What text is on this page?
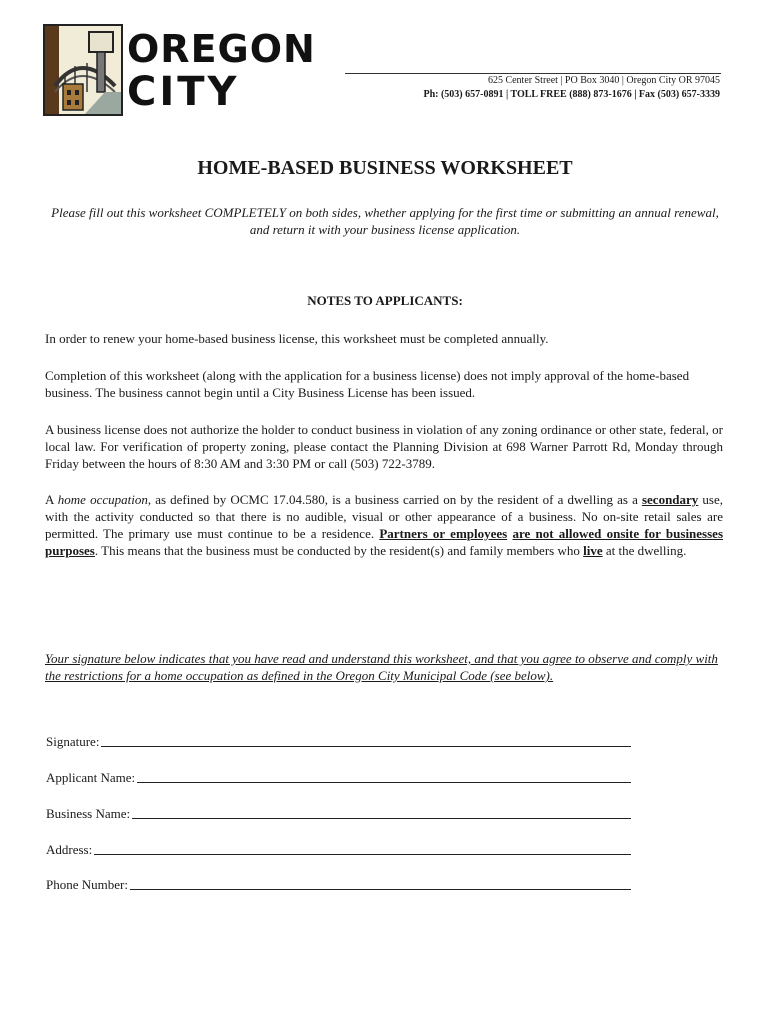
OREGON
CITY	625 Center Street | PO Box 3040 | Oregon City OR 97045
Ph: (503) 657-0891 | TOLL FREE (888) 873-1676 | Fax (503) 657-3339
HOME-BASED BUSINESS WORKSHEET
Please fill out this worksheet COMPLETELY on both sides, whether applying for the first time or submitting an annual renewal, and return it with your business license application.
NOTES TO APPLICANTS:
In order to renew your home-based business license, this worksheet must be completed annually.
Completion of this worksheet (along with the application for a business license) does not imply approval of the home-based business. The business cannot begin until a City Business License has been issued.
A business license does not authorize the holder to conduct business in violation of any zoning ordinance or other state, federal, or local law. For verification of property zoning, please contact the Planning Division at 698 Warner Parrott Rd, Monday through Friday between the hours of 8:30 AM and 3:30 PM or call (503) 722-3789.
A home occupation, as defined by OCMC 17.04.580, is a business carried on by the resident of a dwelling as a secondary use, with the activity conducted so that there is no audible, visual or other appearance of a business. No on-site retail sales are permitted. The primary use must continue to be a residence. Partners or employees are not allowed onsite for businesses purposes. This means that the business must be conducted by the resident(s) and family members who live at the dwelling.
Your signature below indicates that you have read and understand this worksheet, and that you agree to observe and comply with the restrictions for a home occupation as defined in the Oregon City Municipal Code (see below).
Signature:
Applicant Name:
Business Name:
Address:
Phone Number:
